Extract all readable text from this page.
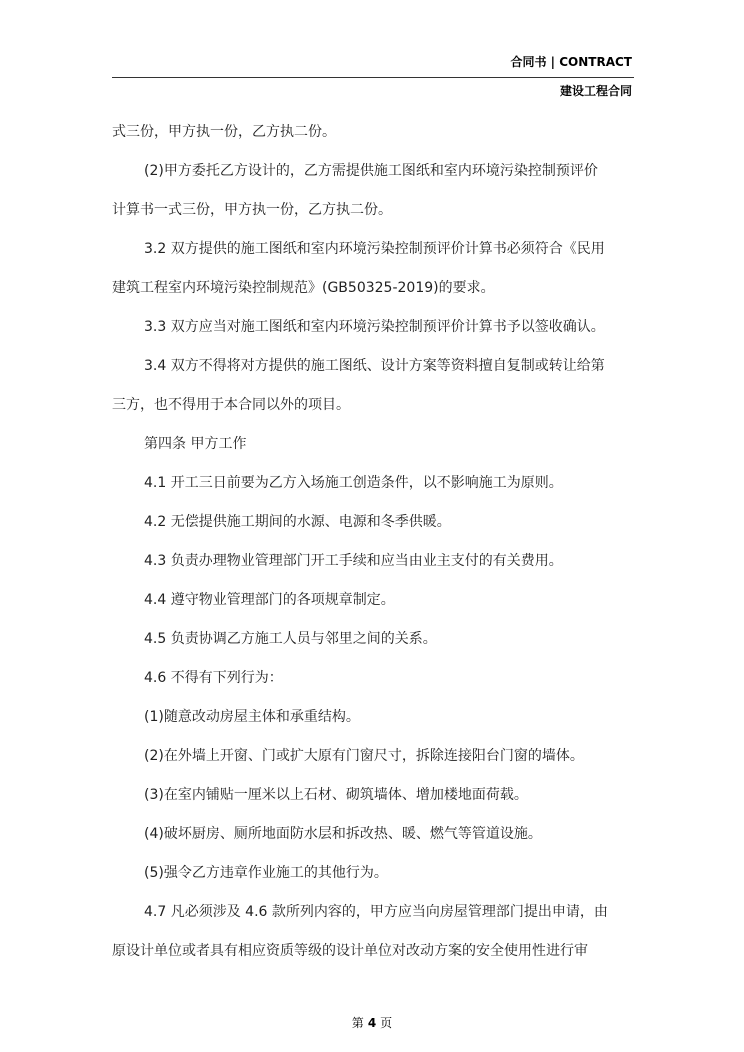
合同书 | CONTRACT
建设工程合同

式三份，甲方执一份，乙方执二份。

(2)甲方委托乙方设计的，乙方需提供施工图纸和室内环境污染控制预评价

计算书一式三份，甲方执一份，乙方执二份。

3.2 双方提供的施工图纸和室内环境污染控制预评价计算书必须符合《民用

建筑工程室内环境污染控制规范》(GB50325-2019)的要求。

3.3 双方应当对施工图纸和室内环境污染控制预评价计算书予以签收确认。

3.4 双方不得将对方提供的施工图纸、设计方案等资料擅自复制或转让给第

三方，也不得用于本合同以外的项目。

第四条 甲方工作

4.1 开工三日前要为乙方入场施工创造条件，以不影响施工为原则。

4.2 无偿提供施工期间的水源、电源和冬季供暖。

4.3 负责办理物业管理部门开工手续和应当由业主支付的有关费用。

4.4 遵守物业管理部门的各项规章制定。

4.5 负责协调乙方施工人员与邻里之间的关系。

4.6 不得有下列行为：

(1)随意改动房屋主体和承重结构。

(2)在外墙上开窗、门或扩大原有门窗尺寸，拆除连接阳台门窗的墙体。

(3)在室内铺贴一厘米以上石材、砌筑墙体、增加楼地面荷载。

(4)破坏厨房、厕所地面防水层和拆改热、暖、燃气等管道设施。

(5)强令乙方违章作业施工的其他行为。

4.7 凡必须涉及 4.6 款所列内容的，甲方应当向房屋管理部门提出申请，由

原设计单位或者具有相应资质等级的设计单位对改动方案的安全使用性进行审

第 4 页
